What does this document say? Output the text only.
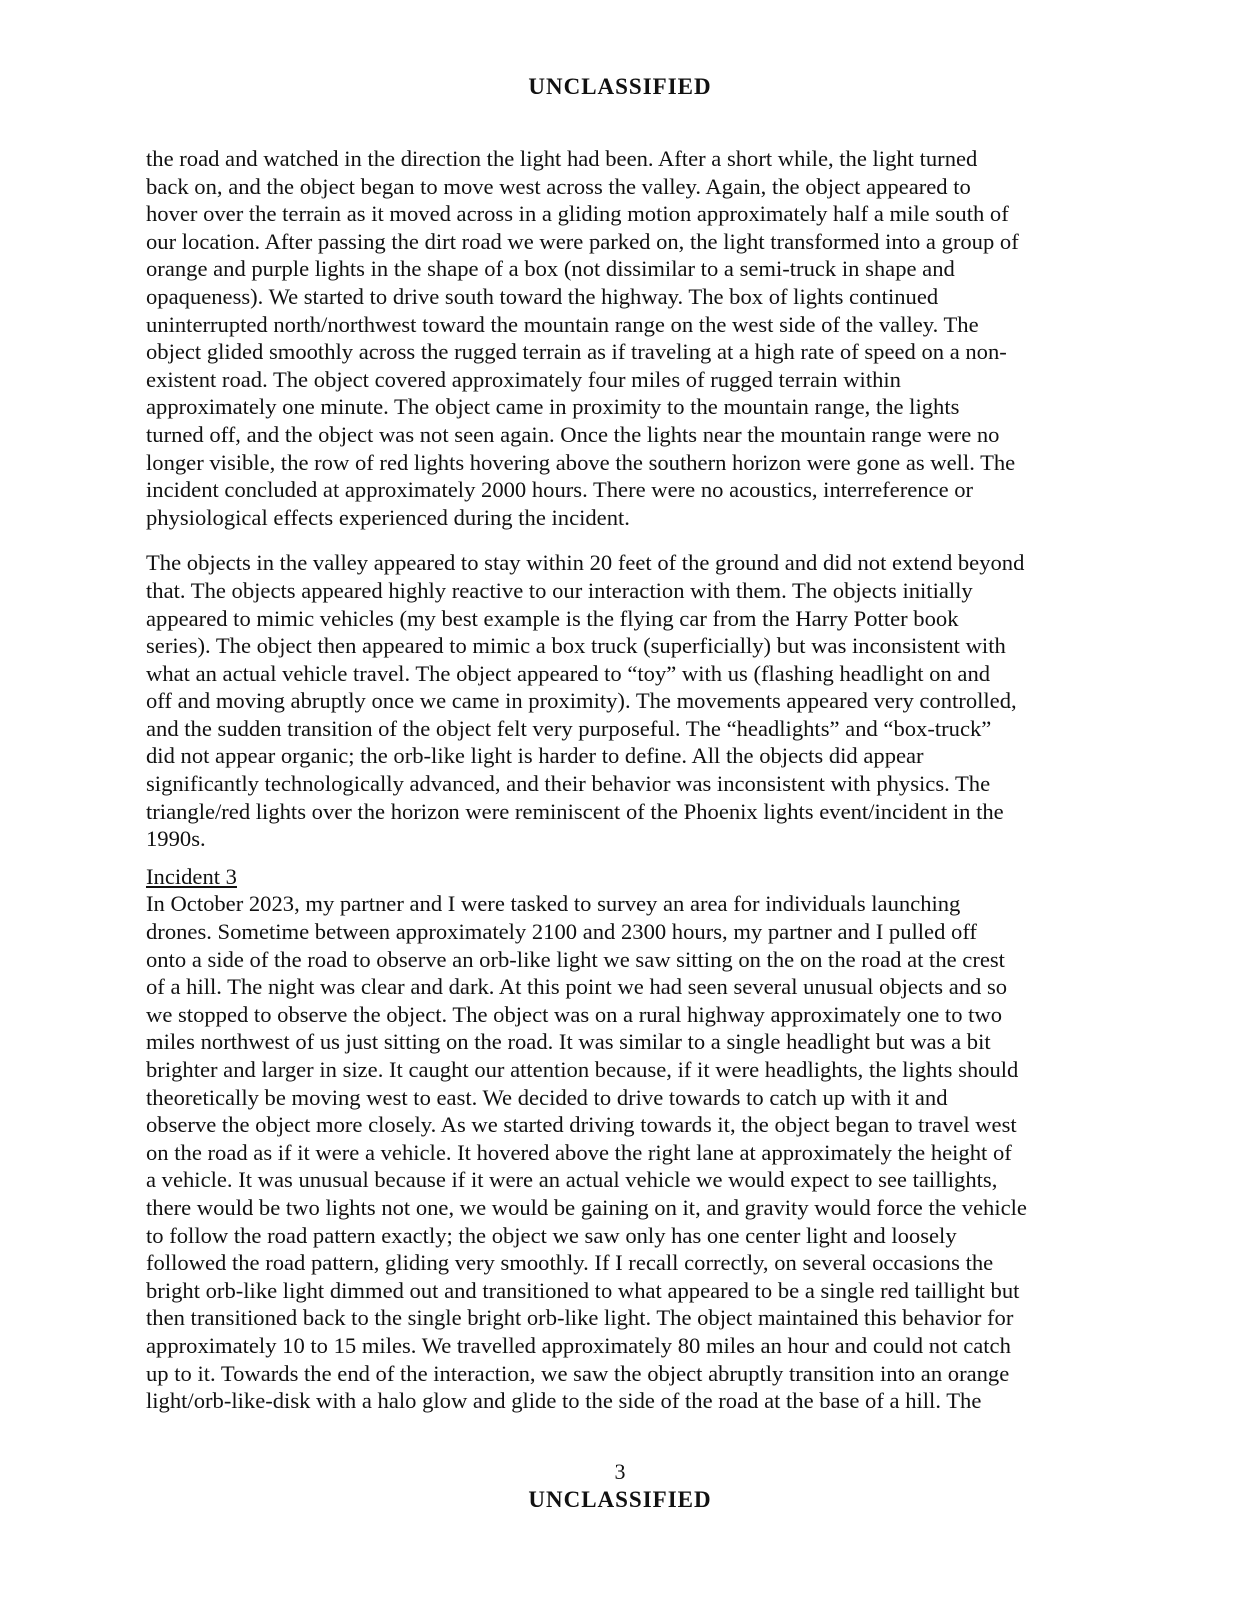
UNCLASSIFIED
the road and watched in the direction the light had been. After a short while, the light turned
back on, and the object began to move west across the valley. Again, the object appeared to
hover over the terrain as it moved across in a gliding motion approximately half a mile south of
our location. After passing the dirt road we were parked on, the light transformed into a group of
orange and purple lights in the shape of a box (not dissimilar to a semi-truck in shape and
opaqueness). We started to drive south toward the highway. The box of lights continued
uninterrupted north/northwest toward the mountain range on the west side of the valley. The
object glided smoothly across the rugged terrain as if traveling at a high rate of speed on a non-
existent road. The object covered approximately four miles of rugged terrain within
approximately one minute. The object came in proximity to the mountain range, the lights
turned off, and the object was not seen again. Once the lights near the mountain range were no
longer visible, the row of red lights hovering above the southern horizon were gone as well. The
incident concluded at approximately 2000 hours. There were no acoustics, interreference or
physiological effects experienced during the incident.
The objects in the valley appeared to stay within 20 feet of the ground and did not extend beyond
that. The objects appeared highly reactive to our interaction with them. The objects initially
appeared to mimic vehicles (my best example is the flying car from the Harry Potter book
series). The object then appeared to mimic a box truck (superficially) but was inconsistent with
what an actual vehicle travel. The object appeared to “toy” with us (flashing headlight on and
off and moving abruptly once we came in proximity). The movements appeared very controlled,
and the sudden transition of the object felt very purposeful. The “headlights” and “box-truck”
did not appear organic; the orb-like light is harder to define. All the objects did appear
significantly technologically advanced, and their behavior was inconsistent with physics. The
triangle/red lights over the horizon were reminiscent of the Phoenix lights event/incident in the
1990s.
Incident 3
In October 2023, my partner and I were tasked to survey an area for individuals launching
drones. Sometime between approximately 2100 and 2300 hours, my partner and I pulled off
onto a side of the road to observe an orb-like light we saw sitting on the on the road at the crest
of a hill. The night was clear and dark. At this point we had seen several unusual objects and so
we stopped to observe the object. The object was on a rural highway approximately one to two
miles northwest of us just sitting on the road. It was similar to a single headlight but was a bit
brighter and larger in size. It caught our attention because, if it were headlights, the lights should
theoretically be moving west to east. We decided to drive towards to catch up with it and
observe the object more closely. As we started driving towards it, the object began to travel west
on the road as if it were a vehicle. It hovered above the right lane at approximately the height of
a vehicle. It was unusual because if it were an actual vehicle we would expect to see taillights,
there would be two lights not one, we would be gaining on it, and gravity would force the vehicle
to follow the road pattern exactly; the object we saw only has one center light and loosely
followed the road pattern, gliding very smoothly. If I recall correctly, on several occasions the
bright orb-like light dimmed out and transitioned to what appeared to be a single red taillight but
then transitioned back to the single bright orb-like light. The object maintained this behavior for
approximately 10 to 15 miles. We travelled approximately 80 miles an hour and could not catch
up to it. Towards the end of the interaction, we saw the object abruptly transition into an orange
light/orb-like-disk with a halo glow and glide to the side of the road at the base of a hill. The
3
UNCLASSIFIED
